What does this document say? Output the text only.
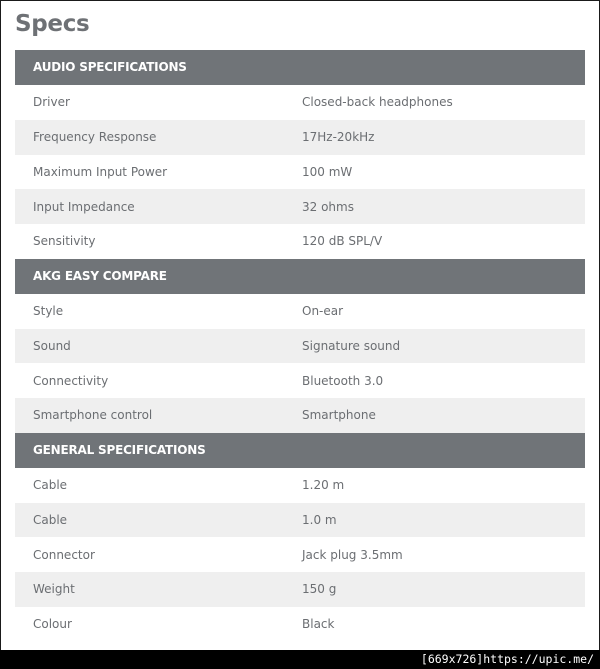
Specs
AUDIO SPECIFICATIONS
Driver	Closed-back headphones
Frequency Response	17Hz-20kHz
Maximum Input Power	100 mW
Input Impedance	32 ohms
Sensitivity	120 dB SPL/V
AKG EASY COMPARE
Style	On-ear
Sound	Signature sound
Connectivity	Bluetooth 3.0
Smartphone control	Smartphone
GENERAL SPECIFICATIONS
Cable	1.20 m
Cable	1.0 m
Connector	Jack plug 3.5mm
Weight	150 g
Colour	Black
[669x726]https://upic.me/
